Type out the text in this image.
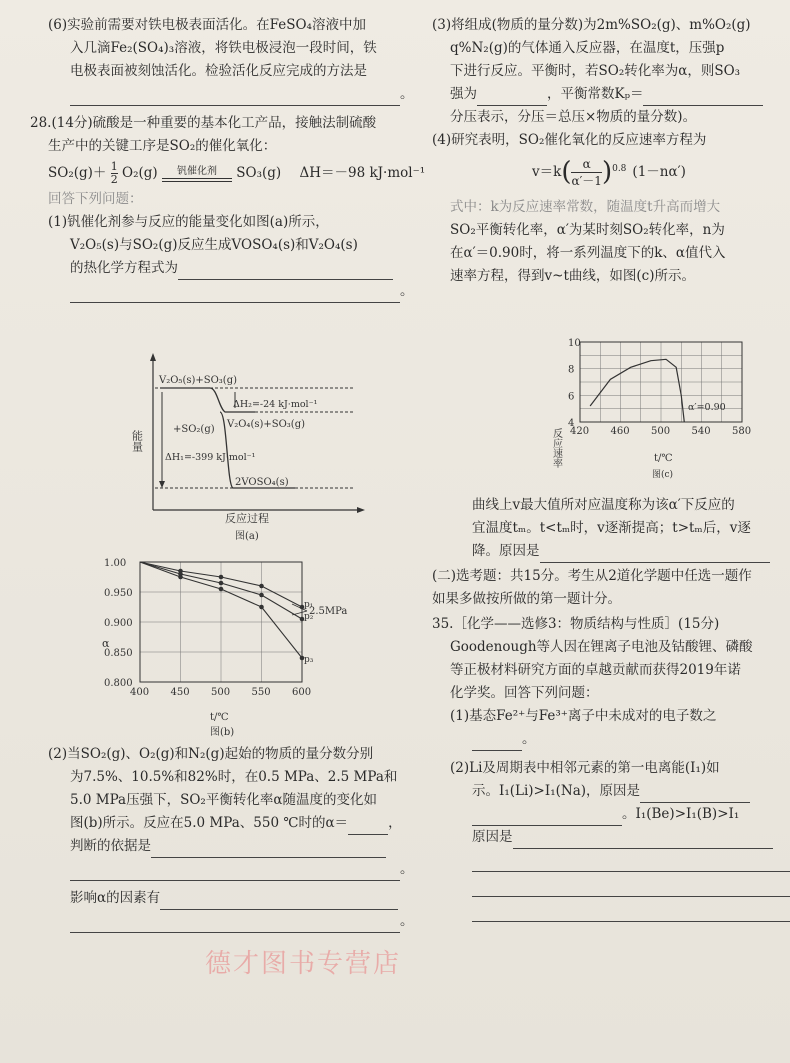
(6)实验前需要对铁电极表面活化。在FeSO₄溶液中加
入几滴Fe₂(SO₄)₃溶液，将铁电极浸泡一段时间，铁
电极表面被刻蚀活化。检验活化反应完成的方法是
。
28.(14分)硫酸是一种重要的基本化工产品，接触法制硫酸
生产中的关键工序是SO₂的催化氧化：
$SO_2(g)+ \frac{1}{2} O_2(g)$	钒催化剂	SO₃(g) ΔH＝－98 kJ·mol⁻¹
回答下列问题：
(1)钒催化剂参与反应的能量变化如图(a)所示，
V₂O₅(s)与SO₂(g)反应生成VOSO₄(s)和V₂O₄(s)
的热化学方程式为
。
能量
V₂O₅(s)+SO₃(g)
ΔH₂=-24 kJ·mol⁻¹
+SO₂(g) V₂O₄(s)+SO₃(g)
ΔH₁=-399 kJ·mol⁻¹
2VOSO₄(s)
反应过程
图(a)
400 450 500 550 600
0.800
0.850
0.900
0.950
1.00
p₁
p₂
p₃
α
t/℃
图(b)
2.5MPa
(2)当SO₂(g)、O₂(g)和N₂(g)起始的物质的量分数分别
为7.5%、10.5%和82%时，在0.5 MPa、2.5 MPa和
5.0 MPa压强下，SO₂平衡转化率α随温度的变化如
图(b)所示。反应在5.0 MPa、550 ℃时的α＝	，
判断的依据是
。
影响α的因素有
。
(3)将组成(物质的量分数)为2m%SO₂(g)、m%O₂(g)
q%N₂(g)的气体通入反应器，在温度t，压强p
下进行反应。平衡时，若SO₂转化率为α，则SO₃
强为	，平衡常数Kₚ＝
分压表示，分压＝总压×物质的量分数)。
(4)研究表明，SO₂催化氧化的反应速率方程为
$v=k( \frac{\alpha}{\alpha'-1} )0.8$ (1－nα′)
式中：k为反应速率常数，随温度t升高而增大
SO₂平衡转化率，α′为某时刻SO₂转化率，n为
在α′＝0.90时，将一系列温度下的k、α值代入
速率方程，得到v~t曲线，如图(c)所示。
420 460 500 540 580
4
6
8
10
反应速率	t/℃
图(c)
α′=0.90
曲线上v最大值所对应温度称为该α′下反应的
宜温度tₘ。t<tₘ时，v逐渐提高；t>tₘ后，v逐
降。原因是
(二)选考题：共15分。考生从2道化学题中任选一题作
如果多做按所做的第一题计分。
35.［化学——选修3：物质结构与性质］(15分)
Goodenough等人因在锂离子电池及钴酸锂、磷酸
等正极材料研究方面的卓越贡献而获得2019年诺
化学奖。回答下列问题：
(1)基态Fe²⁺与Fe³⁺离子中未成对的电子数之
。
(2)Li及周期表中相邻元素的第一电离能(I₁)如
示。I₁(Li)>I₁(Na)，原因是
。I₁(Be)>I₁(B)>I₁
原因是
德才图书专营店
